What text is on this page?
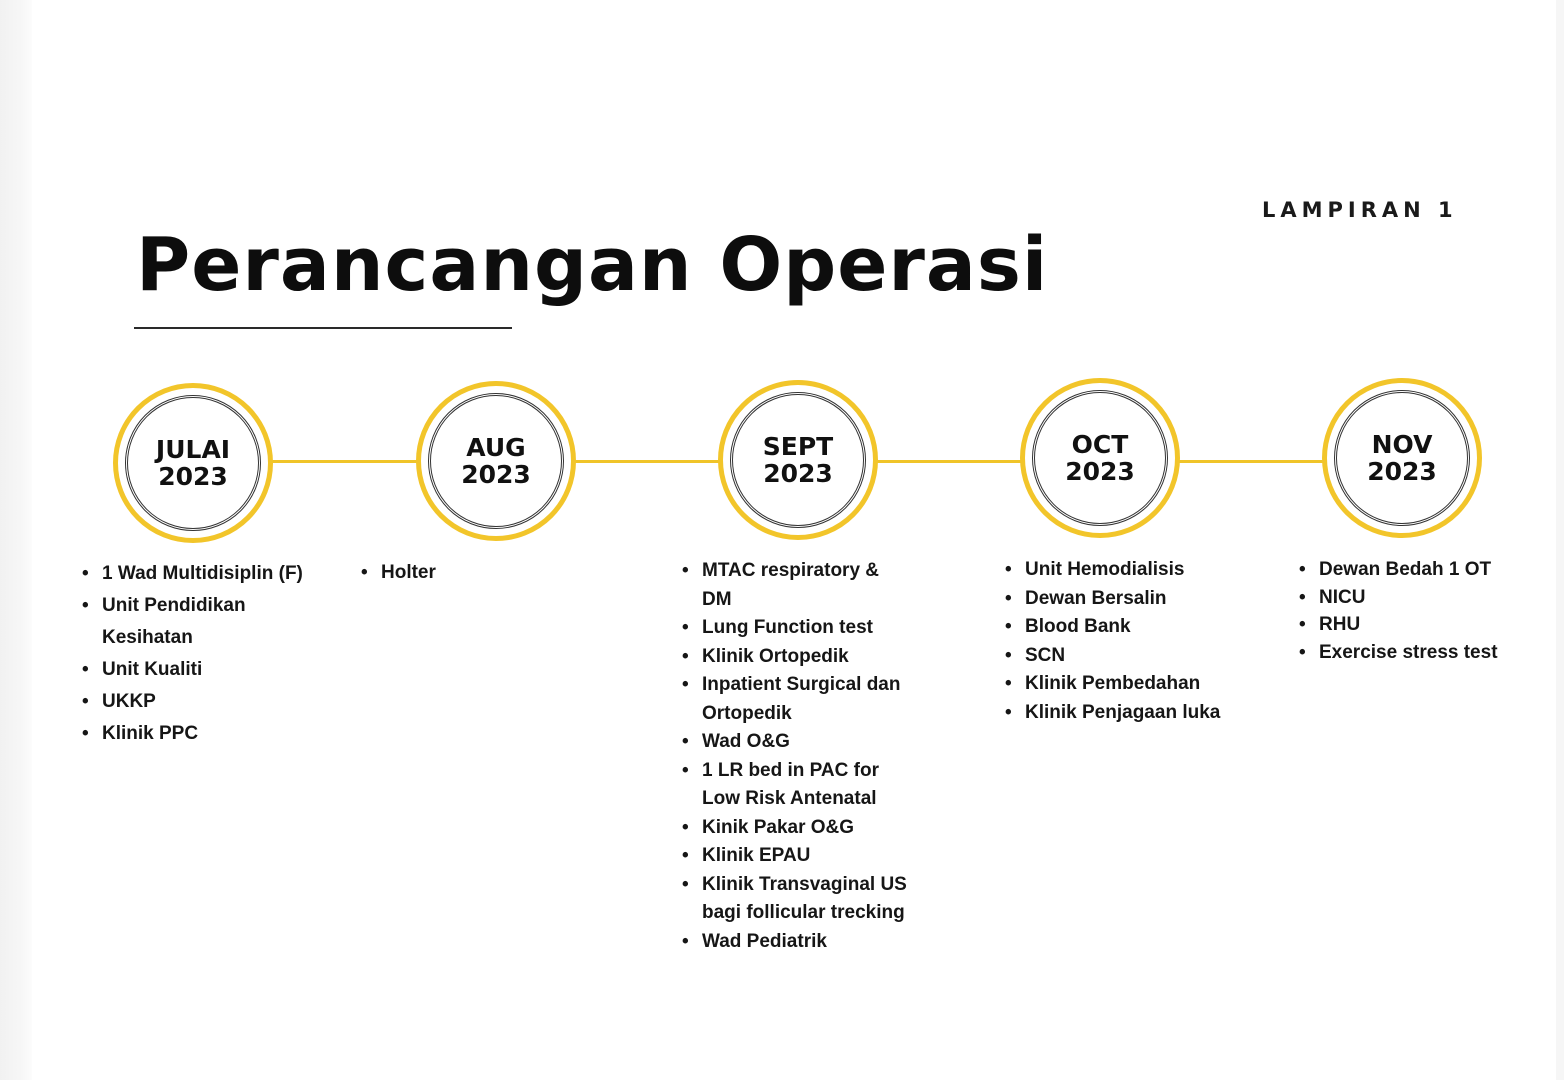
LAMPIRAN 1
Perancangan Operasi
JULAI
2023
AUG
2023
SEPT
2023
OCT
2023
NOV
2023
• 1 Wad Multidisiplin (F)
• Unit Pendidikan Kesihatan
• Unit Kualiti
• UKKP
• Klinik PPC
• Holter
•	MTAC respiratory & DM
• Lung Function test
• Klinik Ortopedik
• Inpatient Surgical dan Ortopedik
• Wad O&G
• 1 LR bed in PAC for Low Risk Antenatal
• Kinik Pakar O&G
• Klinik EPAU
• Klinik Transvaginal US bagi follicular trecking
• Wad Pediatrik
• Unit Hemodialisis
• Dewan Bersalin
• Blood Bank
• SCN
• Klinik Pembedahan
• Klinik Penjagaan luka
• Dewan Bedah 1 OT
• NICU
• RHU
• Exercise stress test
